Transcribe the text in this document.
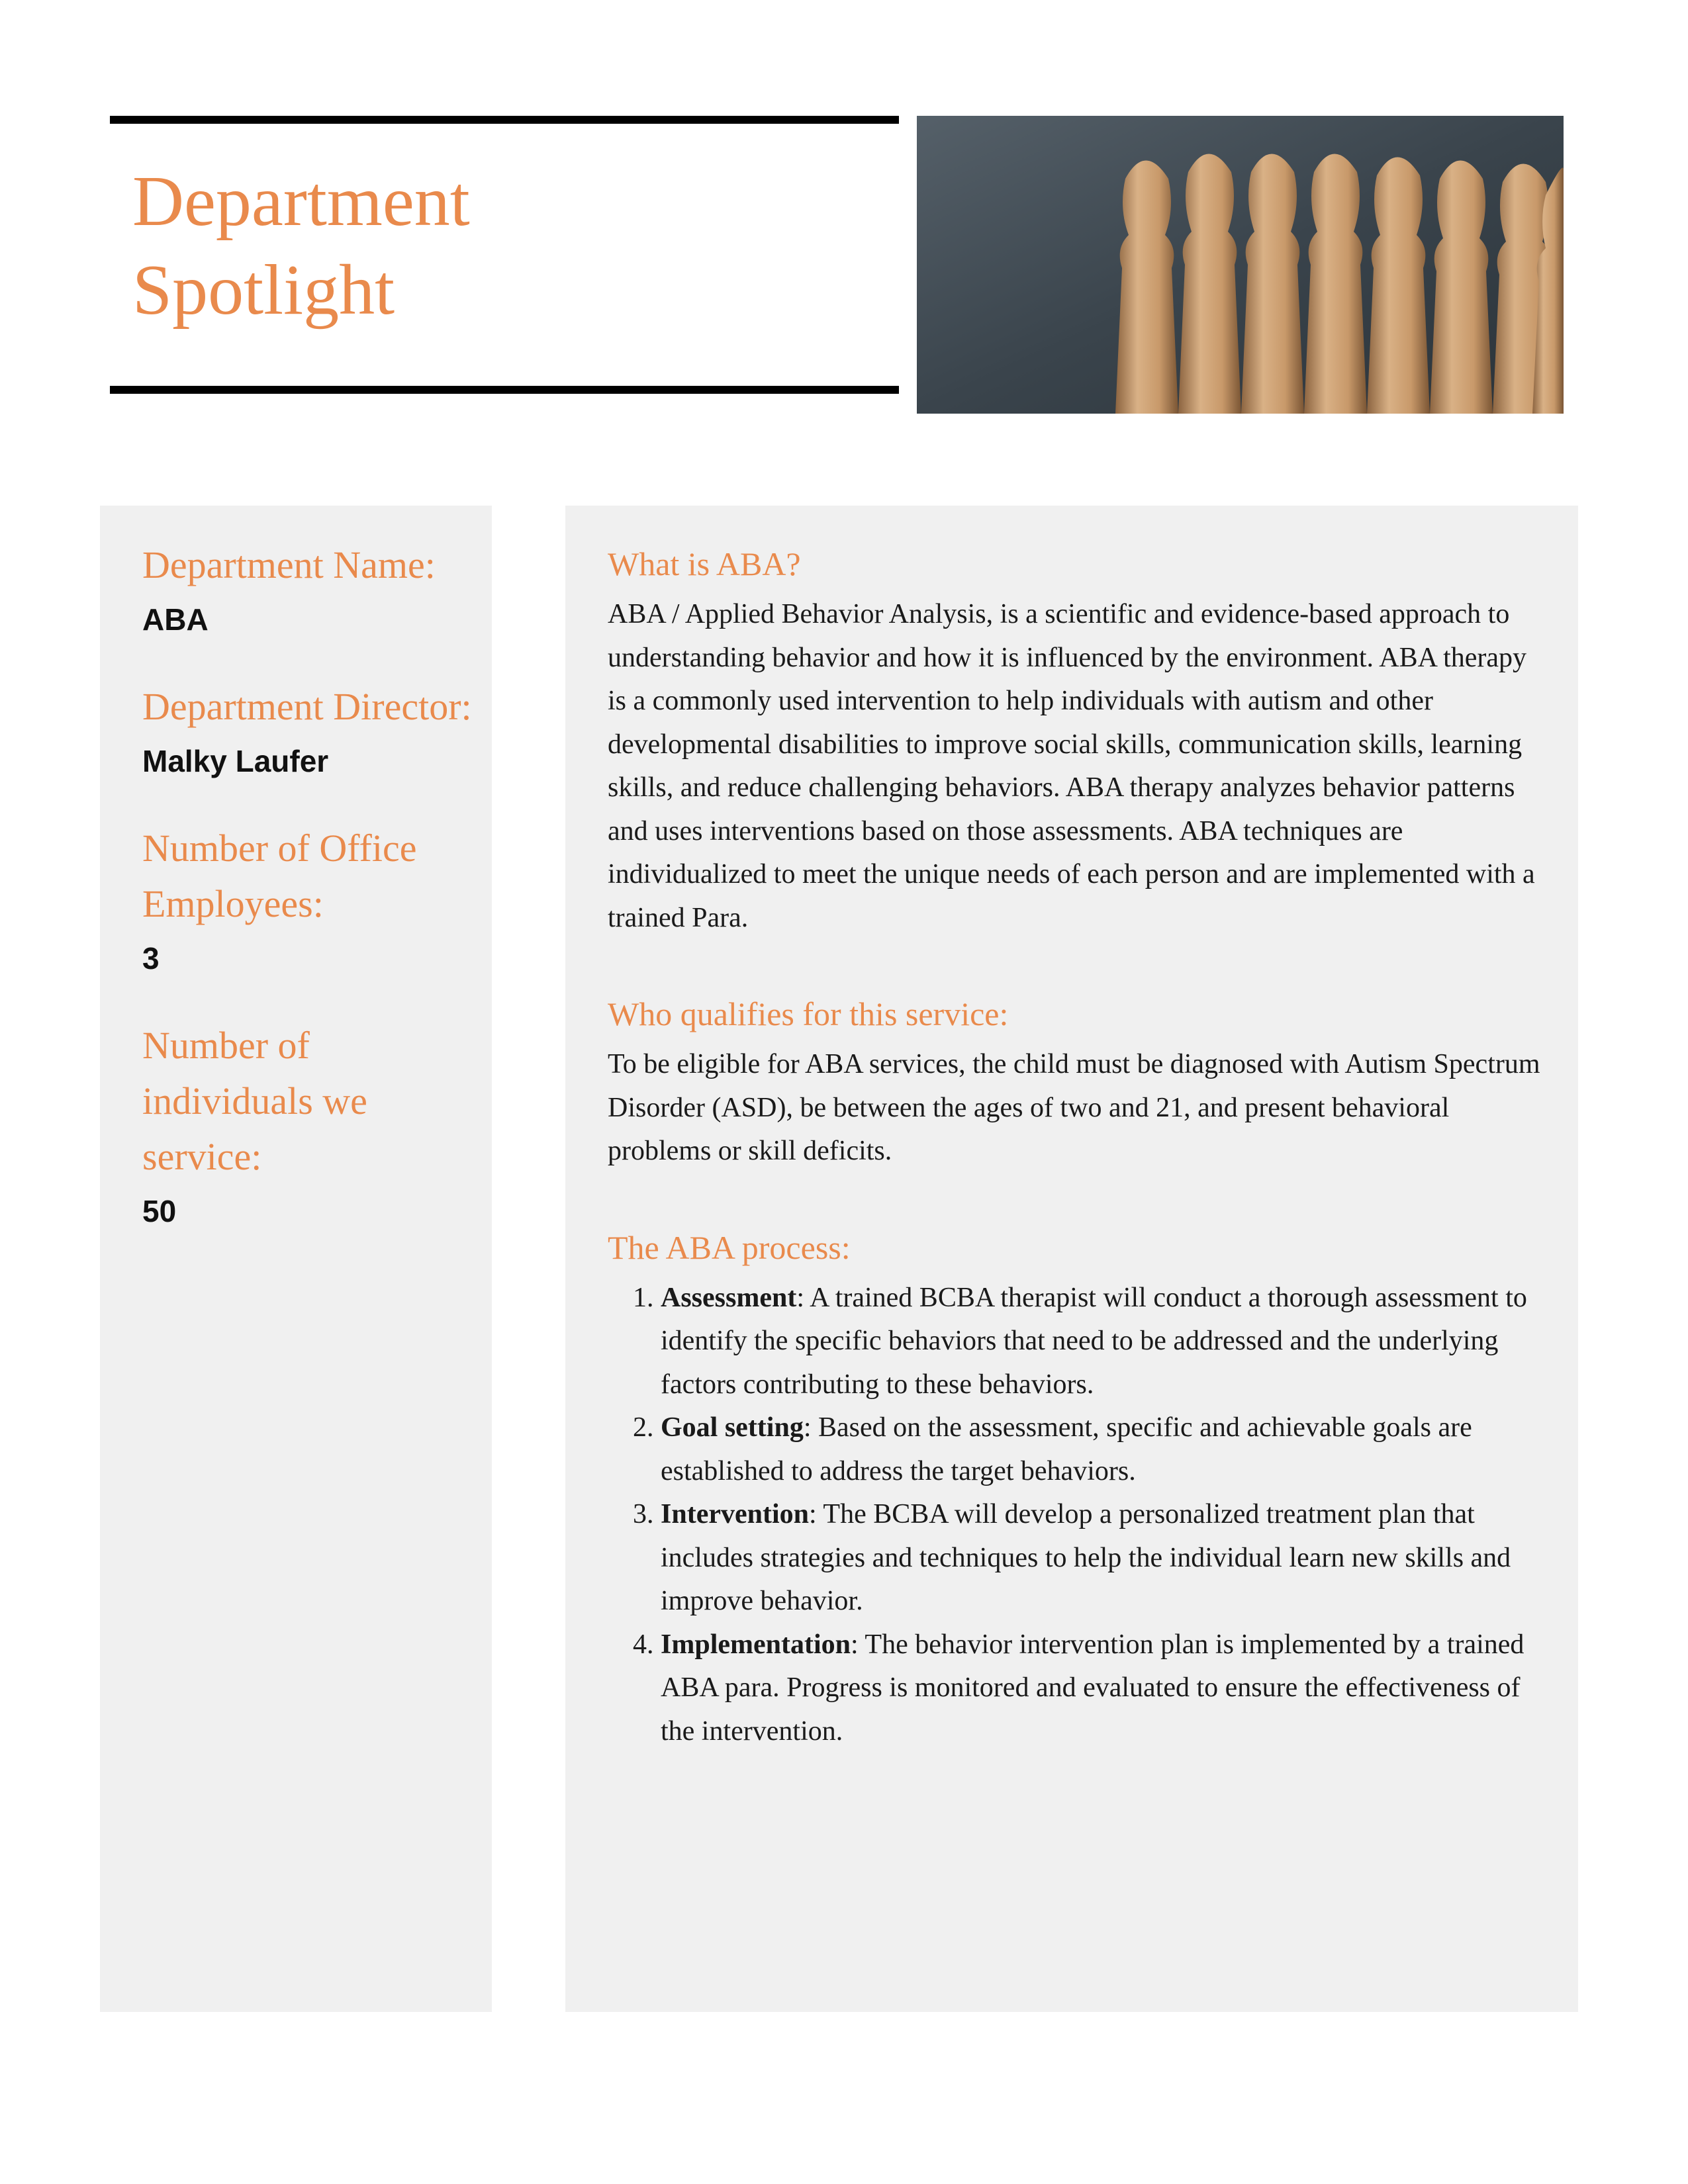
Department
Spotlight
Department Name:
ABA
Department Director:
Malky Laufer
Number of Office Employees:
3
Number of individuals we service:
50
What is ABA?

ABA / Applied Behavior Analysis, is a scientific and evidence-based approach to understanding behavior and how it is influenced by the environment. ABA therapy is a commonly used intervention to help individuals with autism and other developmental disabilities to improve social skills, communication skills, learning skills, and reduce challenging behaviors. ABA therapy analyzes behavior patterns and uses interventions based on those assessments. ABA techniques are individualized to meet the unique needs of each person and are implemented with a trained Para.

Who qualifies for this service:

To be eligible for ABA services, the child must be diagnosed with Autism Spectrum Disorder (ASD), be between the ages of two and 21, and present behavioral problems or skill deficits.

The ABA process:
1. Assessment: A trained BCBA therapist will conduct a thorough assessment to identify the specific behaviors that need to be addressed and the underlying factors contributing to these behaviors.
2. Goal setting: Based on the assessment, specific and achievable goals are established to address the target behaviors.
3. Intervention: The BCBA will develop a personalized treatment plan that includes strategies and techniques to help the individual learn new skills and improve behavior.
4. Implementation: The behavior intervention plan is implemented by a trained ABA para. Progress is monitored and evaluated to ensure the effectiveness of the intervention.
